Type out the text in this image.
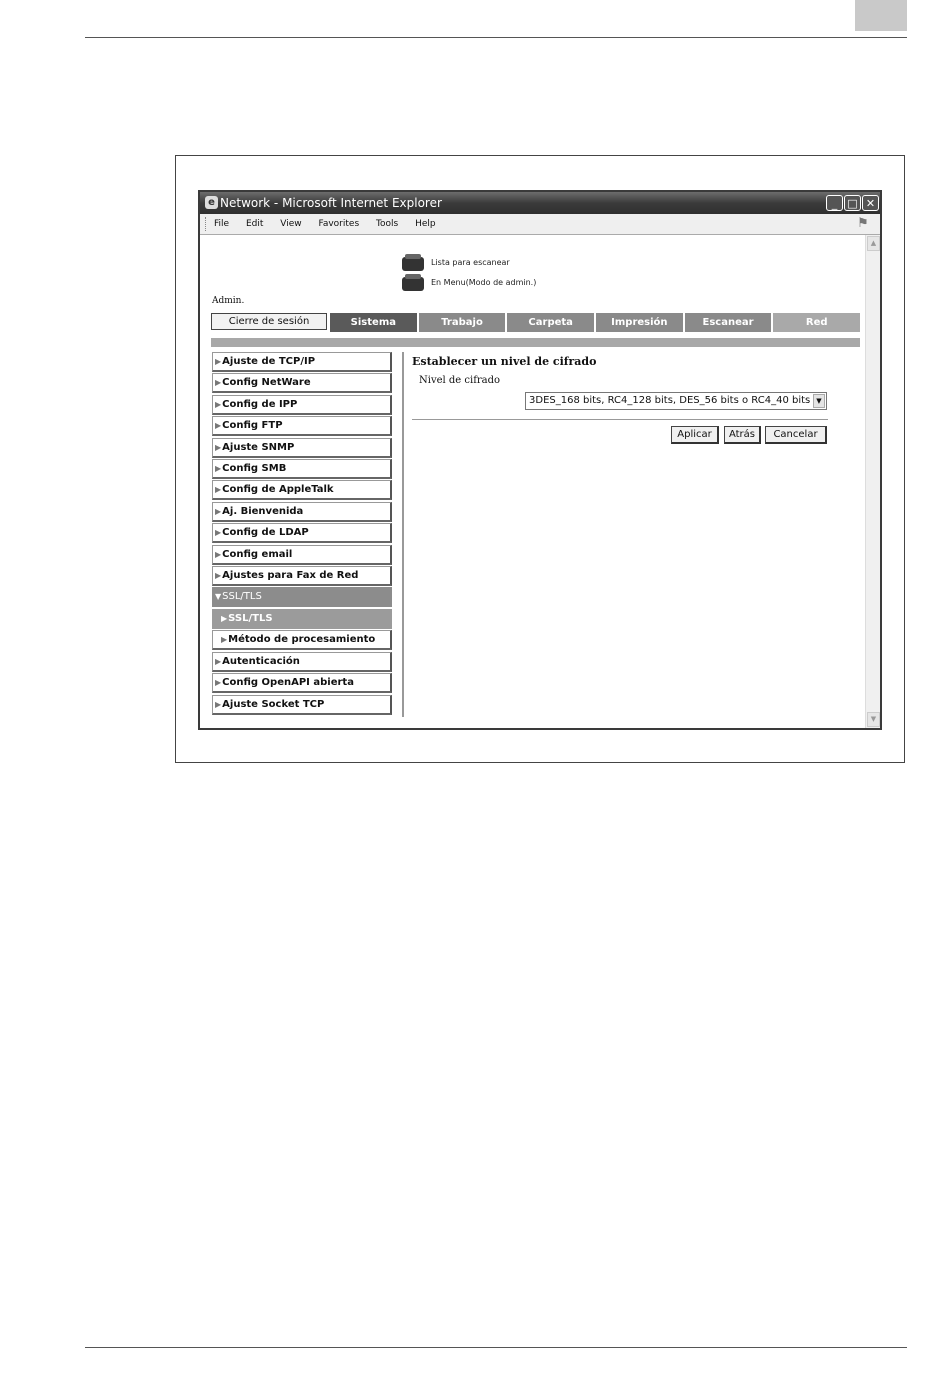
e Network - Microsoft Internet Explorer	_ □ ✕
File Edit View Favorites Tools Help	⚑
Lista para escanear
En Menu(Modo de admin.)
Admin.
Cierre de sesión	Sistema	Trabajo	Carpeta	Impresión	Escanear	Red
▶Ajuste de TCP/IP
▶Config NetWare
▶Config de IPP
▶Config FTP
▶Ajuste SNMP
▶Config SMB
▶Config de AppleTalk
▶Aj. Bienvenida
▶Config de LDAP
▶Config email
▶Ajustes para Fax de Red
▼SSL/TLS
▶SSL/TLS
▶Método de procesamiento
▶Autenticación
▶Config OpenAPI abierta
▶Ajuste Socket TCP
Establecer un nivel de cifrado
Nivel de cifrado
3DES_168 bits, RC4_128 bits, DES_56 bits o RC4_40 bits ▼
Aplicar	Atrás	Cancelar
▲
▼
